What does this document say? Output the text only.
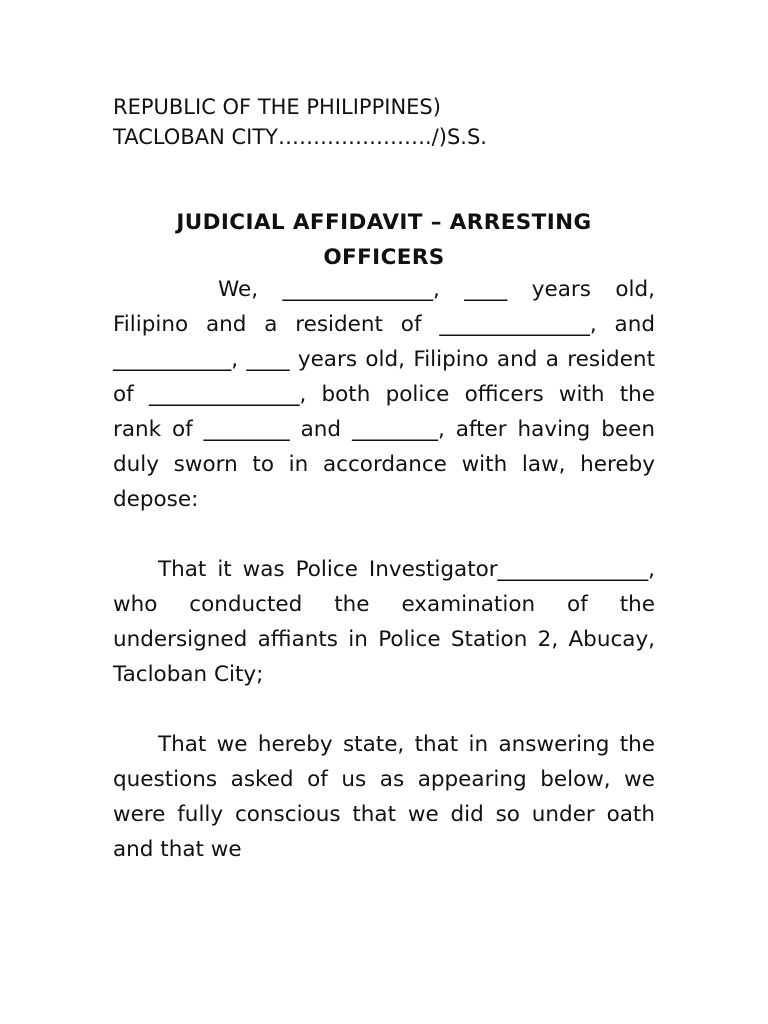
REPUBLIC OF THE PHILIPPINES)
TACLOBAN CITY…………………./)S.S.
JUDICIAL AFFIDAVIT – ARRESTING OFFICERS

We, ______________, ____ years old, Filipino and a resident of ______________, and ___________, ____ years old, Filipino and a resident of ______________, both police officers with the rank of ________ and ________, after having been duly sworn to in accordance with law, hereby depose:

That it was Police Investigator______________, who conducted the examination of the undersigned affiants in Police Station 2, Abucay, Tacloban City;

That we hereby state, that in answering the questions asked of us as appearing below, we were fully conscious that we did so under oath and that we
